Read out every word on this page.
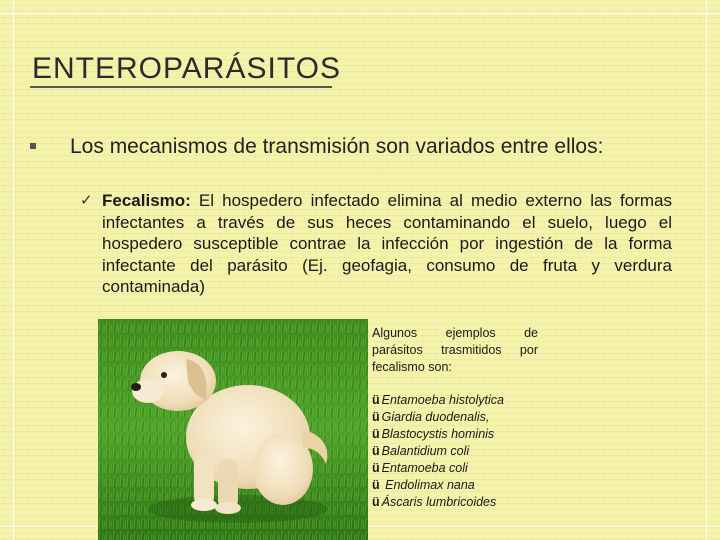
ENTEROPARÁSITOS
Los mecanismos de transmisión son variados entre ellos:
✓ Fecalismo: El hospedero infectado elimina al medio externo las formas infectantes a través de sus heces contaminando el suelo, luego el hospedero susceptible contrae la infección por ingestión de la forma infectante del parásito (Ej. geofagia, consumo de fruta y verdura contaminada)

Algunos ejemplos de parásitos trasmitidos por fecalismo son:

ü Entamoeba histolytica
ü Giardia duodenalis,
ü Blastocystis hominis
ü Balantidium coli
ü Entamoeba coli
ü Endolimax nana
ü Áscaris lumbricoides
